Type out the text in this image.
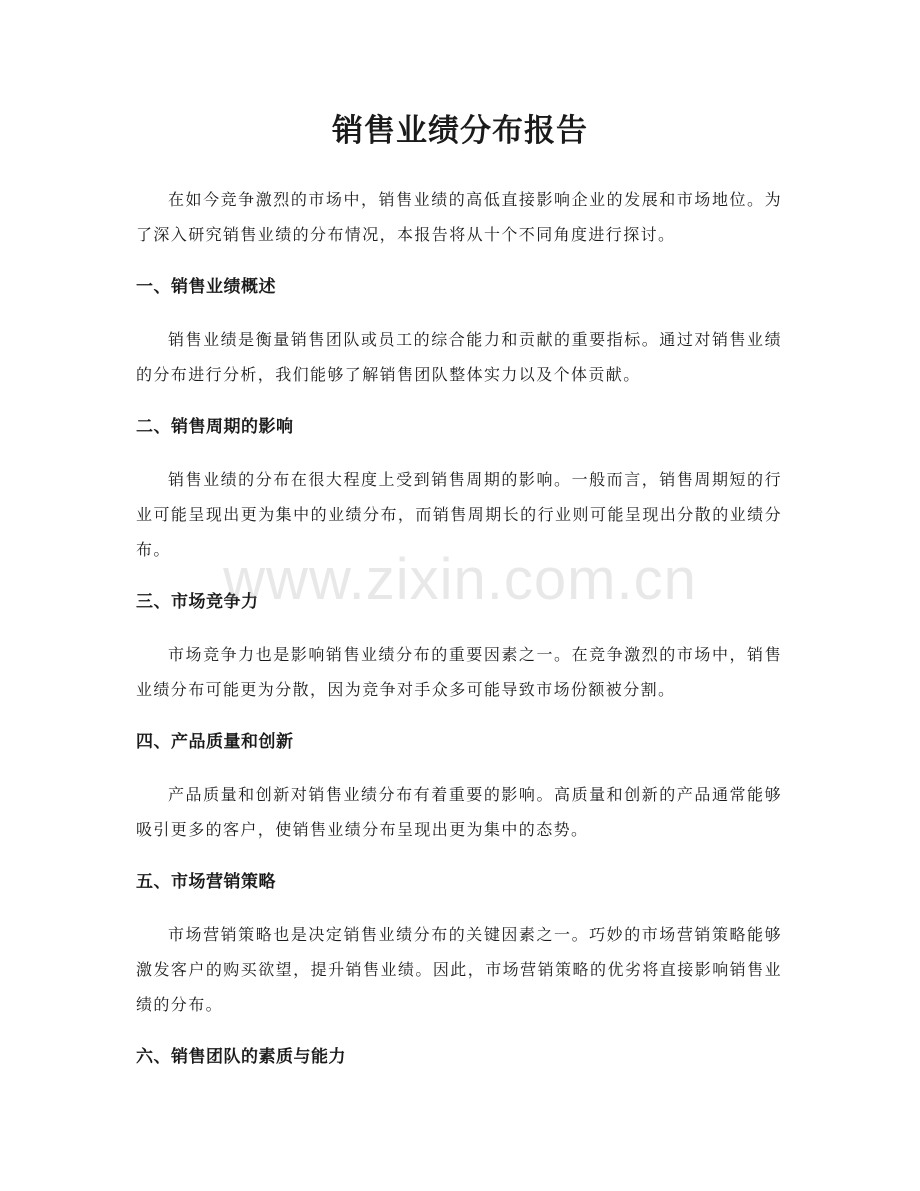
销售业绩分布报告

在如今竞争激烈的市场中，销售业绩的高低直接影响企业的发展和市场地位。为了深入研究销售业绩的分布情况，本报告将从十个不同角度进行探讨。

一、销售业绩概述

销售业绩是衡量销售团队或员工的综合能力和贡献的重要指标。通过对销售业绩的分布进行分析，我们能够了解销售团队整体实力以及个体贡献。

二、销售周期的影响

销售业绩的分布在很大程度上受到销售周期的影响。一般而言，销售周期短的行业可能呈现出更为集中的业绩分布，而销售周期长的行业则可能呈现出分散的业绩分布。

三、市场竞争力

市场竞争力也是影响销售业绩分布的重要因素之一。在竞争激烈的市场中，销售业绩分布可能更为分散，因为竞争对手众多可能导致市场份额被分割。

四、产品质量和创新

产品质量和创新对销售业绩分布有着重要的影响。高质量和创新的产品通常能够吸引更多的客户，使销售业绩分布呈现出更为集中的态势。

五、市场营销策略

市场营销策略也是决定销售业绩分布的关键因素之一。巧妙的市场营销策略能够激发客户的购买欲望，提升销售业绩。因此，市场营销策略的优劣将直接影响销售业绩的分布。

六、销售团队的素质与能力
www.zixin.com.cn
